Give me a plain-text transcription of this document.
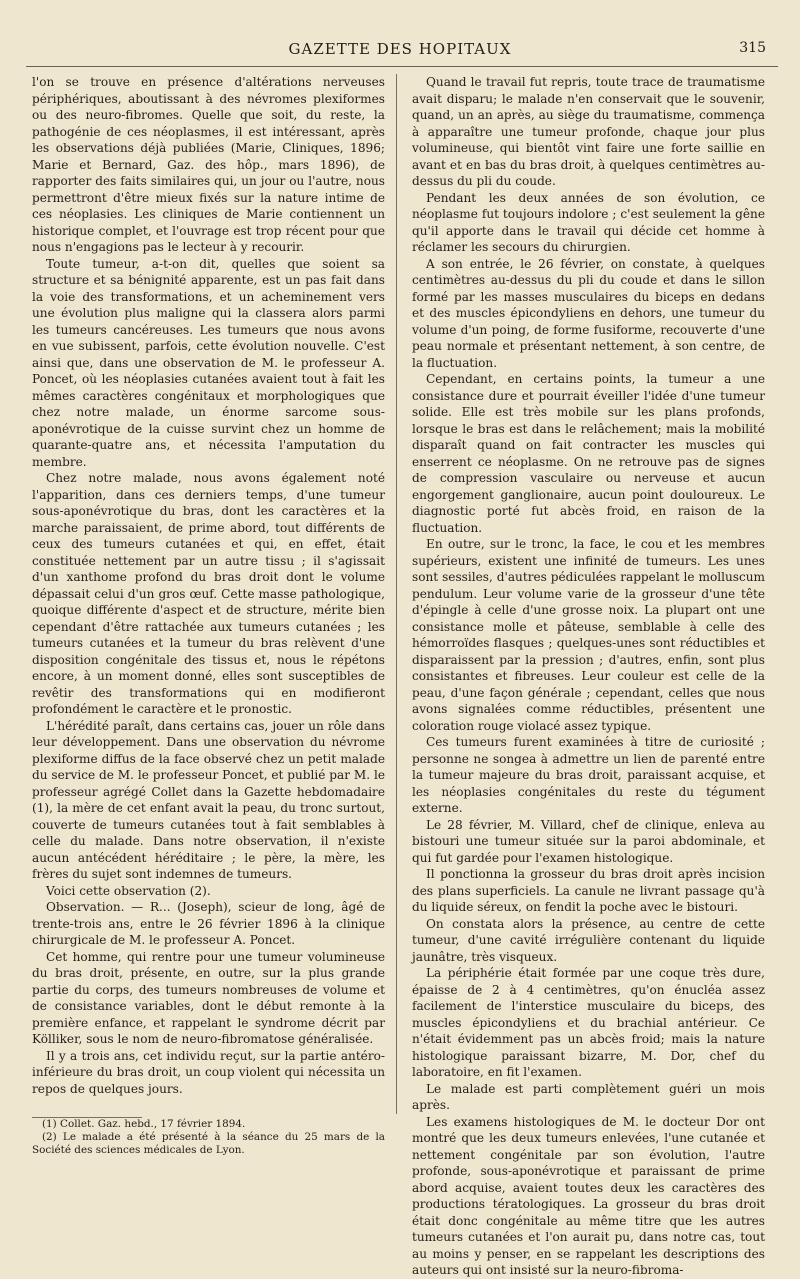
GAZETTE DES HOPITAUX	315

l'on se trouve en présence d'altérations nerveuses périphériques, aboutissant à des névromes plexiformes ou des neuro-fibromes. Quelle que soit, du reste, la pathogénie de ces néoplasmes, il est intéressant, après les observations déjà publiées (Marie, Cliniques, 1896; Marie et Bernard, Gaz. des hôp., mars 1896), de rapporter des faits similaires qui, un jour ou l'autre, nous permettront d'être mieux fixés sur la nature intime de ces néoplasies. Les cliniques de Marie contiennent un historique complet, et l'ouvrage est trop récent pour que nous n'engagions pas le lecteur à y recourir.

Toute tumeur, a-t-on dit, quelles que soient sa structure et sa bénignité apparente, est un pas fait dans la voie des transformations, et un acheminement vers une évolution plus maligne qui la classera alors parmi les tumeurs cancéreuses. Les tumeurs que nous avons en vue subissent, parfois, cette évolution nouvelle. C'est ainsi que, dans une observation de M. le professeur A. Poncet, où les néoplasies cutanées avaient tout à fait les mêmes caractères congénitaux et morphologiques que chez notre malade, un énorme sarcome sous-aponévrotique de la cuisse survint chez un homme de quarante-quatre ans, et nécessita l'amputation du membre.

Chez notre malade, nous avons également noté l'apparition, dans ces derniers temps, d'une tumeur sous-aponévrotique du bras, dont les caractères et la marche paraissaient, de prime abord, tout différents de ceux des tumeurs cutanées et qui, en effet, était constituée nettement par un autre tissu ; il s'agissait d'un xanthome profond du bras droit dont le volume dépassait celui d'un gros œuf. Cette masse pathologique, quoique différente d'aspect et de structure, mérite bien cependant d'être rattachée aux tumeurs cutanées ; les tumeurs cutanées et la tumeur du bras relèvent d'une disposition congénitale des tissus et, nous le répétons encore, à un moment donné, elles sont susceptibles de revêtir des transformations qui en modifieront profondément le caractère et le pronostic.

L'hérédité paraît, dans certains cas, jouer un rôle dans leur développement. Dans une observation du névrome plexiforme diffus de la face observé chez un petit malade du service de M. le professeur Poncet, et publié par M. le professeur agrégé Collet dans la Gazette hebdomadaire (1), la mère de cet enfant avait la peau, du tronc surtout, couverte de tumeurs cutanées tout à fait semblables à celle du malade. Dans notre observation, il n'existe aucun antécédent héréditaire ; le père, la mère, les frères du sujet sont indemnes de tumeurs.

Voici cette observation (2).

Observation. — R... (Joseph), scieur de long, âgé de trente-trois ans, entre le 26 février 1896 à la clinique chirurgicale de M. le professeur A. Poncet.

Cet homme, qui rentre pour une tumeur volumineuse du bras droit, présente, en outre, sur la plus grande partie du corps, des tumeurs nombreuses de volume et de consistance variables, dont le début remonte à la première enfance, et rappelant le syndrome décrit par Kölliker, sous le nom de neuro-fibromatose généralisée.

Il y a trois ans, cet individu reçut, sur la partie antéro-inférieure du bras droit, un coup violent qui nécessita un repos de quelques jours.

(1) Collet. Gaz. hebd., 17 février 1894.
(2) Le malade a été présenté à la séance du 25 mars de la Société des sciences médicales de Lyon.

Quand le travail fut repris, toute trace de traumatisme avait disparu; le malade n'en conservait que le souvenir, quand, un an après, au siège du traumatisme, commença à apparaître une tumeur profonde, chaque jour plus volumineuse, qui bientôt vint faire une forte saillie en avant et en bas du bras droit, à quelques centimètres au-dessus du pli du coude.

Pendant les deux années de son évolution, ce néoplasme fut toujours indolore ; c'est seulement la gêne qu'il apporte dans le travail qui décide cet homme à réclamer les secours du chirurgien.

A son entrée, le 26 février, on constate, à quelques centimètres au-dessus du pli du coude et dans le sillon formé par les masses musculaires du biceps en dedans et des muscles épicondyliens en dehors, une tumeur du volume d'un poing, de forme fusiforme, recouverte d'une peau normale et présentant nettement, à son centre, de la fluctuation.

Cependant, en certains points, la tumeur a une consistance dure et pourrait éveiller l'idée d'une tumeur solide. Elle est très mobile sur les plans profonds, lorsque le bras est dans le relâchement; mais la mobilité disparaît quand on fait contracter les muscles qui enserrent ce néoplasme. On ne retrouve pas de signes de compression vasculaire ou nerveuse et aucun engorgement ganglionaire, aucun point douloureux. Le diagnostic porté fut abcès froid, en raison de la fluctuation.

En outre, sur le tronc, la face, le cou et les membres supérieurs, existent une infinité de tumeurs. Les unes sont sessiles, d'autres pédiculées rappelant le molluscum pendulum. Leur volume varie de la grosseur d'une tête d'épingle à celle d'une grosse noix. La plupart ont une consistance molle et pâteuse, semblable à celle des hémorroïdes flasques ; quelques-unes sont réductibles et disparaissent par la pression ; d'autres, enfin, sont plus consistantes et fibreuses. Leur couleur est celle de la peau, d'une façon générale ; cependant, celles que nous avons signalées comme réductibles, présentent une coloration rouge violacé assez typique.

Ces tumeurs furent examinées à titre de curiosité ; personne ne songea à admettre un lien de parenté entre la tumeur majeure du bras droit, paraissant acquise, et les néoplasies congénitales du reste du tégument externe.

Le 28 février, M. Villard, chef de clinique, enleva au bistouri une tumeur située sur la paroi abdominale, et qui fut gardée pour l'examen histologique.

Il ponctionna la grosseur du bras droit après incision des plans superficiels. La canule ne livrant passage qu'à du liquide séreux, on fendit la poche avec le bistouri.

On constata alors la présence, au centre de cette tumeur, d'une cavité irrégulière contenant du liquide jaunâtre, très visqueux.

La périphérie était formée par une coque très dure, épaisse de 2 à 4 centimètres, qu'on énucléa assez facilement de l'interstice musculaire du biceps, des muscles épicondyliens et du brachial antérieur. Ce n'était évidemment pas un abcès froid; mais la nature histologique paraissant bizarre, M. Dor, chef du laboratoire, en fit l'examen.

Le malade est parti complètement guéri un mois après.

Les examens histologiques de M. le docteur Dor ont montré que les deux tumeurs enlevées, l'une cutanée et nettement congénitale par son évolution, l'autre profonde, sous-aponévrotique et paraissant de prime abord acquise, avaient toutes deux les caractères des productions tératologiques. La grosseur du bras droit était donc congénitale au même titre que les autres tumeurs cutanées et l'on aurait pu, dans notre cas, tout au moins y penser, en se rappelant les descriptions des auteurs qui ont insisté sur la neuro-fibroma-
